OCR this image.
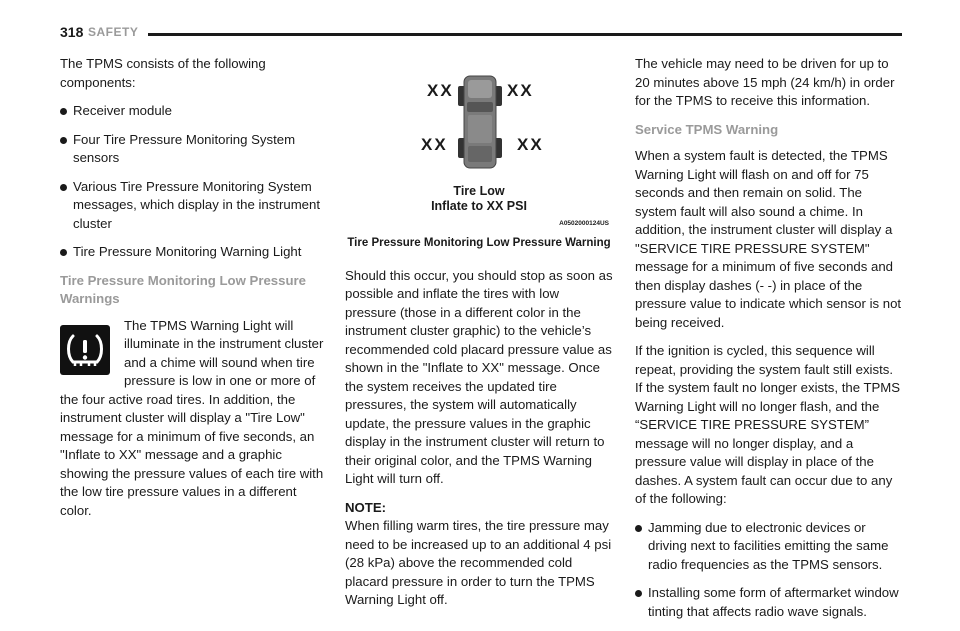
318 SAFETY

The TPMS consists of the following components:

Receiver module
Four Tire Pressure Monitoring System sensors
Various Tire Pressure Monitoring System messages, which display in the instrument cluster
Tire Pressure Monitoring Warning Light

Tire Pressure Monitoring Low Pressure Warnings

The TPMS Warning Light will illuminate in the instrument cluster and a chime will sound when tire pressure is low in one or more of the four active road tires. In addition, the instrument cluster will display a "Tire Low" message for a minimum of five seconds, an "Inflate to XX" message and a graphic showing the pressure values of each tire with the low tire pressure values in a different color.
XX	XX
XX	XX
Tire Low
Inflate to XX PSI
A0502000124US
Tire Pressure Monitoring Low Pressure Warning

Should this occur, you should stop as soon as possible and inflate the tires with low pressure (those in a different color in the instrument cluster graphic) to the vehicle’s recommended cold placard pressure value as shown in the "Inflate to XX" message. Once the system receives the updated tire pressures, the system will automatically update, the pressure values in the graphic display in the instrument cluster will return to their original color, and the TPMS Warning Light will turn off.

NOTE:

When filling warm tires, the tire pressure may need to be increased up to an additional 4 psi (28 kPa) above the recommended cold placard pressure in order to turn the TPMS Warning Light off.

The vehicle may need to be driven for up to 20 minutes above 15 mph (24 km/h) in order for the TPMS to receive this information.

Service TPMS Warning

When a system fault is detected, the TPMS Warning Light will flash on and off for 75 seconds and then remain on solid. The system fault will also sound a chime. In addition, the instrument cluster will display a "SERVICE TIRE PRESSURE SYSTEM" message for a minimum of five seconds and then display dashes (- -) in place of the pressure value to indicate which sensor is not being received.

If the ignition is cycled, this sequence will repeat, providing the system fault still exists. If the system fault no longer exists, the TPMS Warning Light will no longer flash, and the “SERVICE TIRE PRESSURE SYSTEM” message will no longer display, and a pressure value will display in place of the dashes. A system fault can occur due to any of the following:

Jamming due to electronic devices or driving next to facilities emitting the same radio frequencies as the TPMS sensors.
Installing some form of aftermarket window tinting that affects radio wave signals.
